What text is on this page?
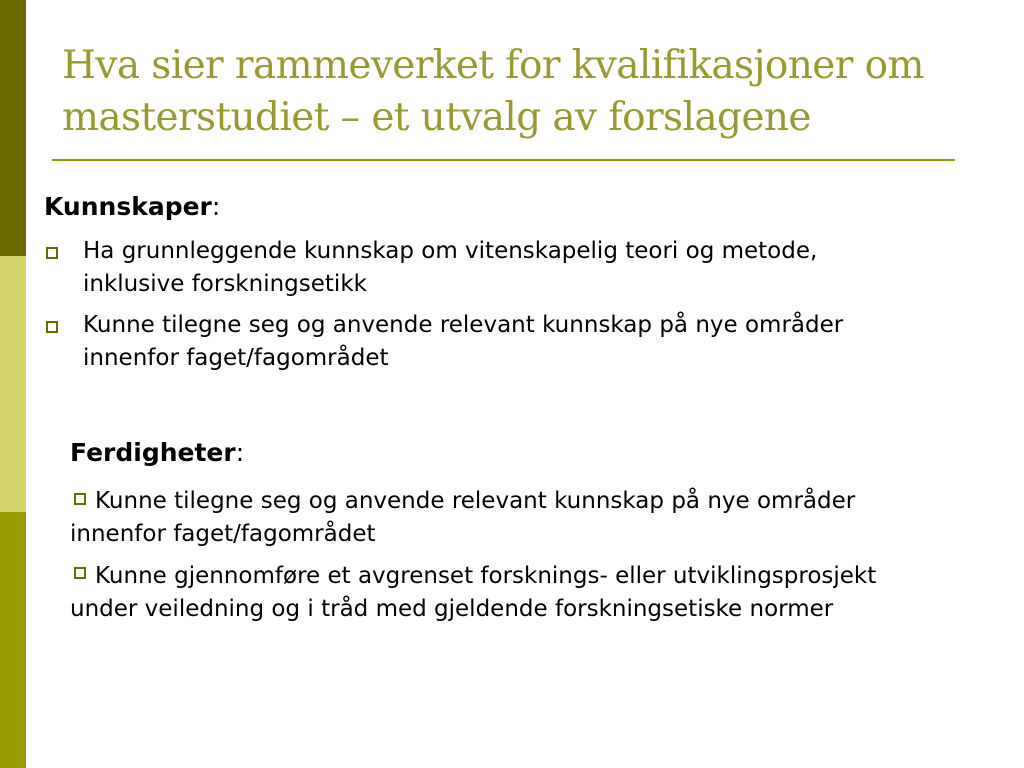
Hva sier rammeverket for kvalifikasjoner om masterstudiet – et utvalg av forslagene
Kunnskaper:
Ha grunnleggende kunnskap om vitenskapelig teori og metode, inklusive forskningsetikk
Kunne tilegne seg og anvende relevant kunnskap på nye områder innenfor faget/fagområdet
Ferdigheter:
Kunne tilegne seg og anvende relevant kunnskap på nye områder innenfor faget/fagområdet
Kunne gjennomføre et avgrenset forsknings- eller utviklingsprosjekt under veiledning og i tråd med gjeldende forskningsetiske normer
